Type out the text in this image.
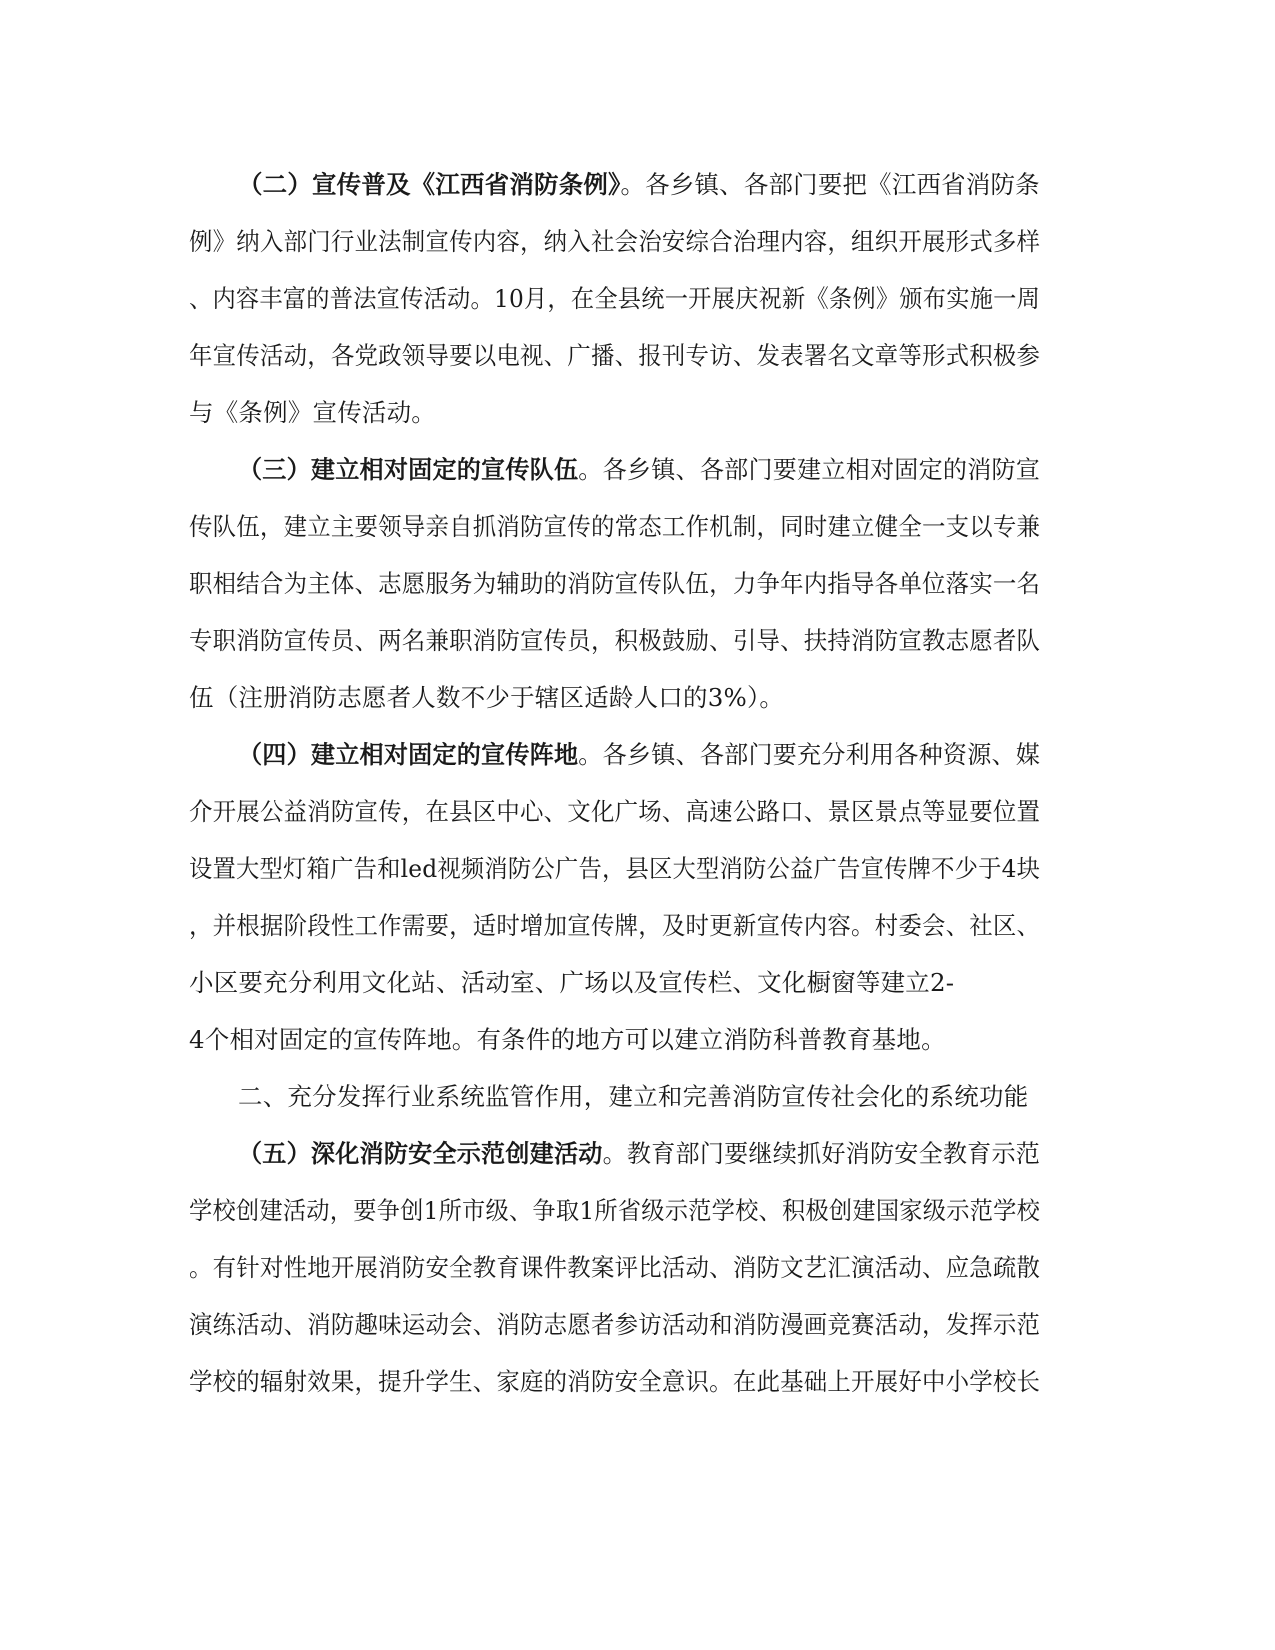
（二）宣传普及《江西省消防条例》。各乡镇、各部门要把《江西省消防条
例》纳入部门行业法制宣传内容，纳入社会治安综合治理内容，组织开展形式多样
、内容丰富的普法宣传活动。10月，在全县统一开展庆祝新《条例》颁布实施一周
年宣传活动，各党政领导要以电视、广播、报刊专访、发表署名文章等形式积极参
与《条例》宣传活动。
（三）建立相对固定的宣传队伍。各乡镇、各部门要建立相对固定的消防宣
传队伍，建立主要领导亲自抓消防宣传的常态工作机制，同时建立健全一支以专兼
职相结合为主体、志愿服务为辅助的消防宣传队伍，力争年内指导各单位落实一名
专职消防宣传员、两名兼职消防宣传员，积极鼓励、引导、扶持消防宣教志愿者队
伍（注册消防志愿者人数不少于辖区适龄人口的3%）。
（四）建立相对固定的宣传阵地。各乡镇、各部门要充分利用各种资源、媒
介开展公益消防宣传，在县区中心、文化广场、高速公路口、景区景点等显要位置
设置大型灯箱广告和led视频消防公广告，县区大型消防公益广告宣传牌不少于4块
，并根据阶段性工作需要，适时增加宣传牌，及时更新宣传内容。村委会、社区、
小区要充分利用文化站、活动室、广场以及宣传栏、文化橱窗等建立2-
4个相对固定的宣传阵地。有条件的地方可以建立消防科普教育基地。
二、充分发挥行业系统监管作用，建立和完善消防宣传社会化的系统功能
（五）深化消防安全示范创建活动。教育部门要继续抓好消防安全教育示范
学校创建活动，要争创1所市级、争取1所省级示范学校、积极创建国家级示范学校
。有针对性地开展消防安全教育课件教案评比活动、消防文艺汇演活动、应急疏散
演练活动、消防趣味运动会、消防志愿者参访活动和消防漫画竞赛活动，发挥示范
学校的辐射效果，提升学生、家庭的消防安全意识。在此基础上开展好中小学校长
